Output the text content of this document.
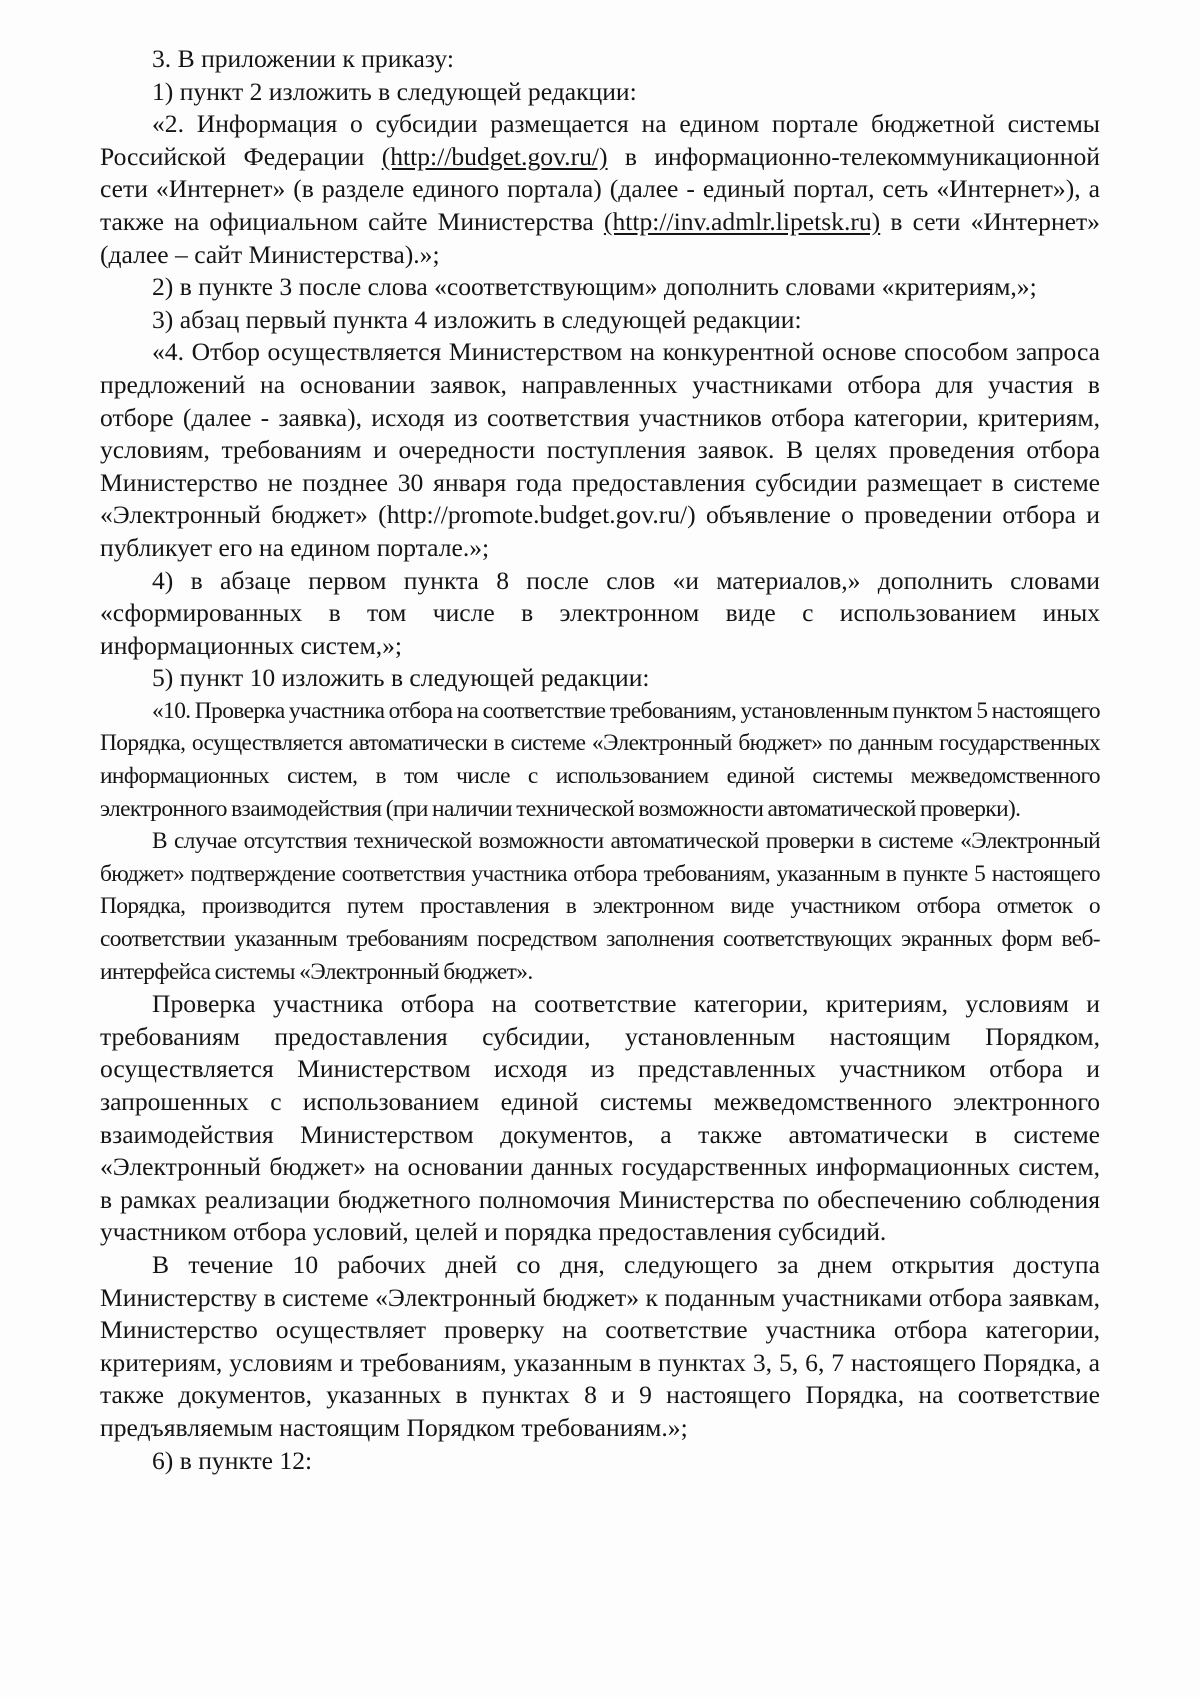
3. В приложении к приказу:

1) пункт 2 изложить в следующей редакции:

«2. Информация о субсидии размещается на едином портале бюджетной системы Российской Федерации (http://budget.gov.ru/) в информационно-телекоммуникационной сети «Интернет» (в разделе единого портала) (далее - единый портал, сеть «Интернет»), а также на официальном сайте Министерства (http://inv.admlr.lipetsk.ru) в сети «Интернет» (далее – сайт Министерства).»;

2) в пункте 3 после слова «соответствующим» дополнить словами «критериям,»;

3) абзац первый пункта 4 изложить в следующей редакции:

«4. Отбор осуществляется Министерством на конкурентной основе способом запроса предложений на основании заявок, направленных участниками отбора для участия в отборе (далее - заявка), исходя из соответствия участников отбора категории, критериям, условиям, требованиям и очередности поступления заявок. В целях проведения отбора Министерство не позднее 30 января года предоставления субсидии размещает в системе «Электронный бюджет» (http://promote.budget.gov.ru/) объявление о проведении отбора и публикует его на едином портале.»;

4) в абзаце первом пункта 8 после слов «и материалов,» дополнить словами «сформированных в том числе в электронном виде с использованием иных информационных систем,»;

5) пункт 10 изложить в следующей редакции:

«10. Проверка участника отбора на соответствие требованиям, установленным пунктом 5 настоящего Порядка, осуществляется автоматически в системе «Электронный бюджет» по данным государственных информационных систем, в том числе с использованием единой системы межведомственного электронного взаимодействия (при наличии технической возможности автоматической проверки).

В случае отсутствия технической возможности автоматической проверки в системе «Электронный бюджет» подтверждение соответствия участника отбора требованиям, указанным в пункте 5 настоящего Порядка, производится путем проставления в электронном виде участником отбора отметок о соответствии указанным требованиям посредством заполнения соответствующих экранных форм веб-интерфейса системы «Электронный бюджет».

Проверка участника отбора на соответствие категории, критериям, условиям и требованиям предоставления субсидии, установленным настоящим Порядком, осуществляется Министерством исходя из представленных участником отбора и запрошенных с использованием единой системы межведомственного электронного взаимодействия Министерством документов, а также автоматически в системе «Электронный бюджет» на основании данных государственных информационных систем, в рамках реализации бюджетного полномочия Министерства по обеспечению соблюдения участником отбора условий, целей и порядка предоставления субсидий.

В течение 10 рабочих дней со дня, следующего за днем открытия доступа Министерству в системе «Электронный бюджет» к поданным участниками отбора заявкам, Министерство осуществляет проверку на соответствие участника отбора категории, критериям, условиям и требованиям, указанным в пунктах 3, 5, 6, 7 настоящего Порядка, а также документов, указанных в пунктах 8 и 9 настоящего Порядка, на соответствие предъявляемым настоящим Порядком требованиям.»;

6) в пункте 12:
